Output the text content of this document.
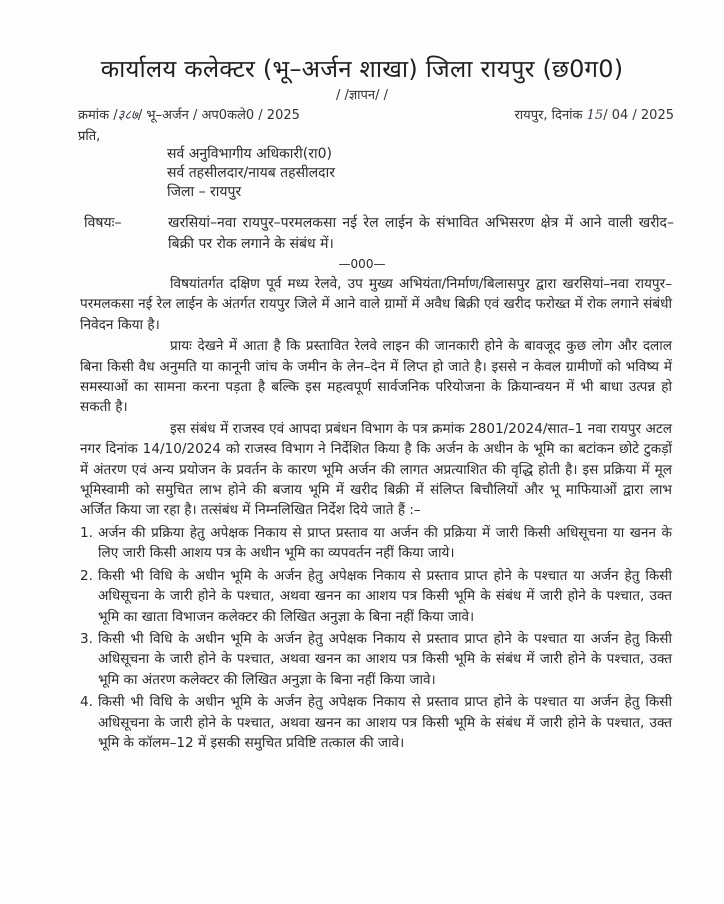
कार्यालय कलेक्टर (भू–अर्जन शाखा) जिला रायपुर (छ0ग0)
/ /ज्ञापन/ /
क्रमांक /३८७/ भू–अर्जन / अप0कले0 / 2025	रायपुर, दिनांक 15/ 04 / 2025
प्रति,
सर्व अनुविभागीय अधिकारी(रा0)
सर्व तहसीलदार/नायब तहसीलदार
जिला – रायपुर
विषयः–	खरसियां–नवा रायपुर–परमलकसा नई रेल लाईन के संभावित अभिसरण क्षेत्र में आने वाली खरीद–बिक्री पर रोक लगाने के संबंध में।
—000—

विषयांतर्गत दक्षिण पूर्व मध्य रेलवे, उप मुख्य अभियंता/निर्माण/बिलासपुर द्वारा खरसियां–नवा रायपुर–परमलकसा नई रेल लाईन के अंतर्गत रायपुर जिले में आने वाले ग्रामों में अवैध बिक्री एवं खरीद फरोख्त में रोक लगाने संबंधी निवेदन किया है।

प्रायः देखने में आता है कि प्रस्तावित रेलवे लाइन की जानकारी होने के बावजूद कुछ लोग और दलाल बिना किसी वैध अनुमति या कानूनी जांच के जमीन के लेन–देन में लिप्त हो जाते है। इससे न केवल ग्रामीणों को भविष्य में समस्याओं का सामना करना पड़ता है बल्कि इस महत्वपूर्ण सार्वजनिक परियोजना के क्रियान्वयन में भी बाधा उत्पन्न हो सकती है।

इस संबंध में राजस्व एवं आपदा प्रबंधन विभाग के पत्र क्रमांक 2801/2024/सात–1 नवा रायपुर अटल नगर दिनांक 14/10/2024 को राजस्व विभाग ने निर्देशित किया है कि अर्जन के अधीन के भूमि का बटांकन छोटे टुकड़ों में अंतरण एवं अन्य प्रयोजन के प्रवर्तन के कारण भूमि अर्जन की लागत अप्रत्याशित की वृद्धि होती है। इस प्रक्रिया में मूल भूमिस्वामी को समुचित लाभ होने की बजाय भूमि में खरीद बिक्री में संलिप्त बिचौलियों और भू माफियाओं द्वारा लाभ अर्जित किया जा रहा है। तत्संबंध में निम्नलिखित निर्देश दिये जाते हैं :–

1. अर्जन की प्रक्रिया हेतु अपेक्षक निकाय से प्राप्त प्रस्ताव या अर्जन की प्रक्रिया में जारी किसी अधिसूचना या खनन के लिए जारी किसी आशय पत्र के अधीन भूमि का व्यपवर्तन नहीं किया जाये।
2. किसी भी विधि के अधीन भूमि के अर्जन हेतु अपेक्षक निकाय से प्रस्ताव प्राप्त होने के पश्चात या अर्जन हेतु किसी अधिसूचना के जारी होने के पश्चात, अथवा खनन का आशय पत्र किसी भूमि के संबंध में जारी होने के पश्चात, उक्त भूमि का खाता विभाजन कलेक्टर की लिखित अनुज्ञा के बिना नहीं किया जावे।
3. किसी भी विधि के अधीन भूमि के अर्जन हेतु अपेक्षक निकाय से प्रस्ताव प्राप्त होने के पश्चात या अर्जन हेतु किसी अधिसूचना के जारी होने के पश्चात, अथवा खनन का आशय पत्र किसी भूमि के संबंध में जारी होने के पश्चात, उक्त भूमि का अंतरण कलेक्टर की लिखित अनुज्ञा के बिना नहीं किया जावे।
4. किसी भी विधि के अधीन भूमि के अर्जन हेतु अपेक्षक निकाय से प्रस्ताव प्राप्त होने के पश्चात या अर्जन हेतु किसी अधिसूचना के जारी होने के पश्चात, अथवा खनन का आशय पत्र किसी भूमि के संबंध में जारी होने के पश्चात, उक्त भूमि के कॉलम–12 में इसकी समुचित प्रविष्टि तत्काल की जावे।
